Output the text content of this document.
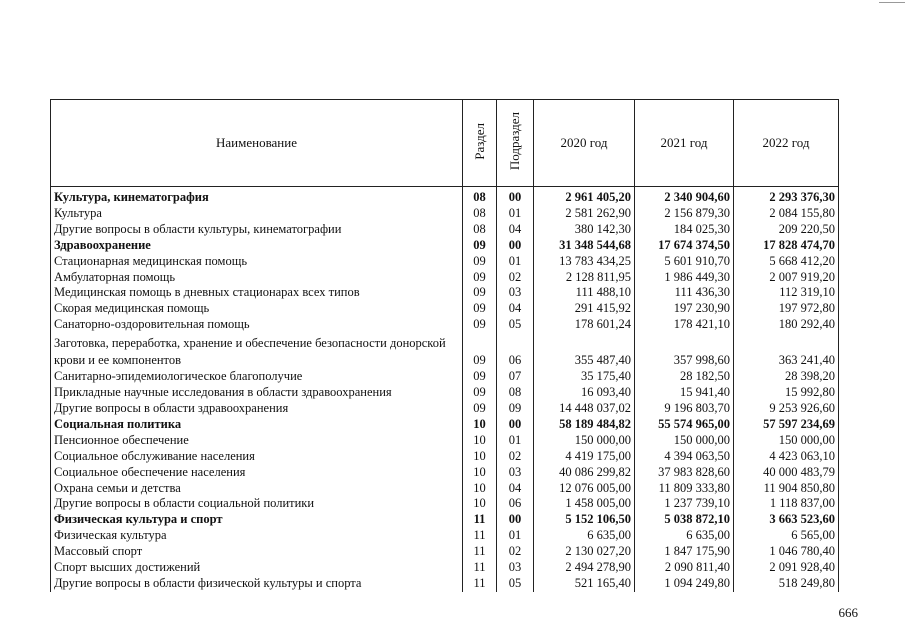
Наименование	Раздел	Подраздел	2020 год	2021 год	2022 год

Культура, кинематография	08	00	2 961 405,20	2 340 904,60	2 293 376,30
Культура	08	01	2 581 262,90	2 156 879,30	2 084 155,80
Другие вопросы в области культуры, кинематографии	08	04	380 142,30	184 025,30	209 220,50
Здравоохранение	09	00	31 348 544,68	17 674 374,50	17 828 474,70
Стационарная медицинская помощь	09	01	13 783 434,25	5 601 910,70	5 668 412,20
Амбулаторная помощь	09	02	2 128 811,95	1 986 449,30	2 007 919,20
Медицинская помощь в дневных стационарах всех типов	09	03	111 488,10	111 436,30	112 319,10
Скорая медицинская помощь	09	04	291 415,92	197 230,90	197 972,80
Санаторно-оздоровительная помощь	09	05	178 601,24	178 421,10	180 292,40
Заготовка, переработка, хранение и обеспечение безопасности донорской крови и ее компонентов	09	06	355 487,40	357 998,60	363 241,40
Санитарно-эпидемиологическое благополучие	09	07	35 175,40	28 182,50	28 398,20
Прикладные научные исследования в области здравоохранения	09	08	16 093,40	15 941,40	15 992,80
Другие вопросы в области здравоохранения	09	09	14 448 037,02	9 196 803,70	9 253 926,60
Социальная политика	10	00	58 189 484,82	55 574 965,00	57 597 234,69
Пенсионное обеспечение	10	01	150 000,00	150 000,00	150 000,00
Социальное обслуживание населения	10	02	4 419 175,00	4 394 063,50	4 423 063,10
Социальное обеспечение населения	10	03	40 086 299,82	37 983 828,60	40 000 483,79
Охрана семьи и детства	10	04	12 076 005,00	11 809 333,80	11 904 850,80
Другие вопросы в области социальной политики	10	06	1 458 005,00	1 237 739,10	1 118 837,00
Физическая культура и спорт	11	00	5 152 106,50	5 038 872,10	3 663 523,60
Физическая культура	11	01	6 635,00	6 635,00	6 565,00
Массовый спорт	11	02	2 130 027,20	1 847 175,90	1 046 780,40
Спорт высших достижений	11	03	2 494 278,90	2 090 811,40	2 091 928,40
Другие вопросы в области физической культуры и спорта	11	05	521 165,40	1 094 249,80	518 249,80
666
